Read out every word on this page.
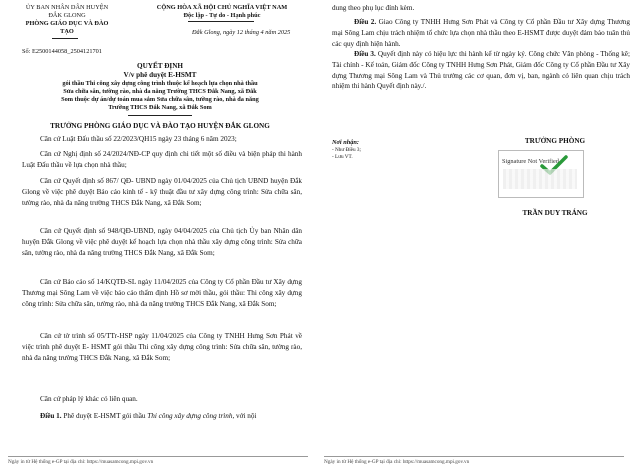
ỦY BAN NHÂN DÂN HUYỆN
ĐẮK GLONG
PHÒNG GIÁO DỤC VÀ ĐÀO
TẠO
CỘNG HÒA XÃ HỘI CHỦ NGHĨA VIỆT NAM
Độc lập - Tự do - Hạnh phúc
Đắk Glong, ngày 12 tháng 4 năm 2025
Số: E2500144058_2504121701
QUYẾT ĐỊNH
V/v phê duyệt E-HSMT
gói thầu Thi công xây dựng công trình thuộc kế hoạch lựa chọn nhà thầu
Sửa chữa sân, tường rào, nhà đa năng Trường THCS Đắk Nang, xã Đắk
Som thuộc dự án/dự toán mua sắm Sửa chữa sân, tường rào, nhà đa năng
Trường THCS Đắk Nang, xã Đắk Som
TRƯỞNG PHÒNG GIÁO DỤC VÀ ĐÀO TẠO HUYỆN ĐẮK GLONG
Căn cứ Luật Đấu thầu số 22/2023/QH15 ngày 23 tháng 6 năm 2023;
Căn cứ Nghị định số 24/2024/NĐ-CP quy định chi tiết một số điều và biện pháp thi hành Luật Đấu thầu về lựa chọn nhà thầu;
Căn cứ Quyết định số 867/ QĐ- UBND ngày 01/04/2025 của Chủ tịch UBND huyện Đắk Glong về việc phê duyệt Báo cáo kinh tế - kỹ thuật đầu tư xây dựng công trình: Sửa chữa sân, tường rào, nhà đa năng trường THCS Đắk Nang, xã Đắk Som;
Căn cứ Quyết định số 948/QĐ-UBND, ngày 04/04/2025 của Chủ tịch Ủy ban Nhân dân huyện Đắk Glong về việc phê duyệt kế hoạch lựa chọn nhà thầu xây dựng công trình: Sửa chữa sân, tường rào, nhà đa năng trường THCS Đắk Nang, xã Đắk Som;
Căn cứ Báo cáo số 14/KQTĐ-SL ngày 11/04/2025 của Công ty Cổ phần Đầu tư Xây dựng Thương mại Sông Lam về việc báo cáo thẩm định Hồ sơ mời thầu, gói thầu: Thi công xây dựng công trình: Sửa chữa sân, tường rào, nhà đa năng trường THCS Đắk Nang, xã Đắk Som;
Căn cứ tờ trình số 05/TTr-HSP ngày 11/04/2025 của Công ty TNHH Hưng Sơn Phát về việc trình phê duyệt E- HSMT gói thầu Thi công xây dựng công trình: Sửa chữa sân, tường rào, nhà đa năng trường THCS Đắk Nang, xã Đắk Som;
Căn cứ pháp lý khác có liên quan.
Điều 1. Phê duyệt E-HSMT gói thầu Thi công xây dựng công trình, với nội
Ngày in từ Hệ thống e-GP tại địa chỉ: https://muasamcong.mpi.gov.vn
dung theo phụ lục đính kèm.
Điều 2. Giao Công ty TNHH Hưng Sơn Phát và Công ty Cổ phần Đầu tư Xây dựng Thương mại Sông Lam chịu trách nhiệm tổ chức lựa chọn nhà thầu theo E-HSMT được duyệt đảm bảo tuân thủ các quy định hiện hành.
Điều 3. Quyết định này có hiệu lực thi hành kể từ ngày ký. Công chức Văn phòng - Thống kê; Tài chính - Kế toán, Giám đốc Công ty TNHH Hưng Sơn Phát, Giám đốc Công ty Cổ phần Đầu tư Xây dựng Thương mại Sông Lam và Thủ trưởng các cơ quan, đơn vị, ban, ngành có liên quan chịu trách nhiệm thi hành Quyết định này./.
Nơi nhận:
- Như Điều 3;
- Lưu VT.
TRƯỞNG PHÒNG
Signature Not Verified
TRẦN DUY TRÁNG
Ngày in từ Hệ thống e-GP tại địa chỉ: https://muasamcong.mpi.gov.vn
